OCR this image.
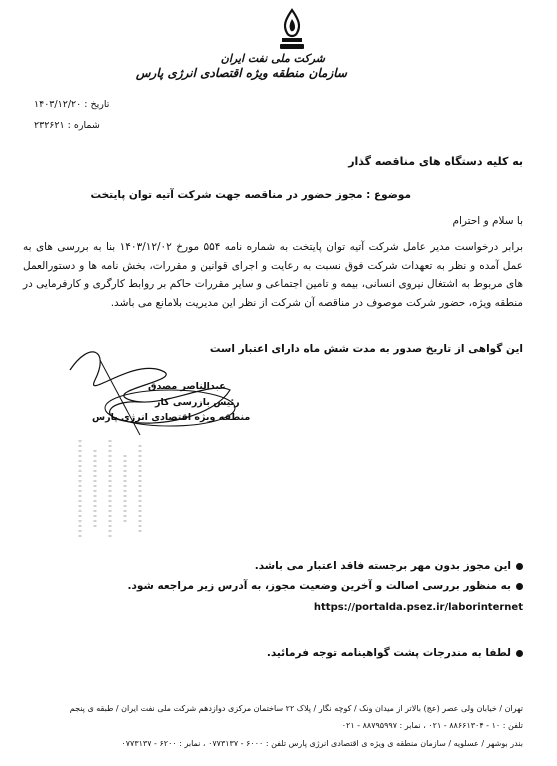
شرکت ملی نفت ایران
سازمان منطقه ویژه اقتصادی انرژی پارس
تاریخ : ۱۴۰۳/۱۲/۲۰
شماره : ۲۳۲۶۲۱
به کلیه دستگاه های مناقصه گذار
موضوع : مجوز حضور در مناقصه جهت شرکت آتیه توان پایتخت
با سلام و احترام
برابر درخواست مدیر عامل شرکت آتیه توان پایتخت به شماره نامه ۵۵۴ مورخ ۱۴۰۳/۱۲/۰۲ بنا به بررسی های به عمل آمده و نظر به تعهدات شرکت فوق نسبت به رعایت و اجرای قوانین و مقررات، بخش نامه ها و دستورالعمل های مربوط به اشتغال نیروی انسانی، بیمه و تامین اجتماعی و سایر مقررات حاکم بر روابط کارگری و کارفرمایی در منطقه ویژه، حضور شرکت موصوف در مناقصه آن شرکت از نظر این مدیریت بلامانع می باشد.
این گواهی از تاریخ صدور به مدت شش ماه دارای اعتبار است
عبدالناصر مصدق
رئیس بازرسی کار
منطقه ویژه اقتصادی انرژی پارس
این مجوز بدون مهر برجسته فاقد اعتبار می باشد.
به منظور بررسی اصالت و آخرین وضعیت مجوز، به آدرس زیر مراجعه شود.
https://portalda.psez.ir/laborinternet
لطفا به مندرجات پشت گواهینامه توجه فرمائید.
تهران / خیابان ولی عصر (عج) بالاتر از میدان ونک / کوچه نگار / پلاک ۲۲ ساختمان مرکزی دوازدهم شرکت ملی نفت ایران / طبقه ی پنجم
تلفن : ۱۰ - ۸۸۶۶۱۳۰۴ - ۰۲۱ ، نمابر : ۸۸۷۹۵۹۹۷ - ۰۲۱
بندر بوشهر / عسلویه / سازمان منطقه ی ویژه ی اقتصادی انرژی پارس تلفن : ۶۰۰۰ - ۰۷۷۳۱۳۷ ، نمابر : ۶۲۰۰ - ۰۷۷۳۱۳۷
